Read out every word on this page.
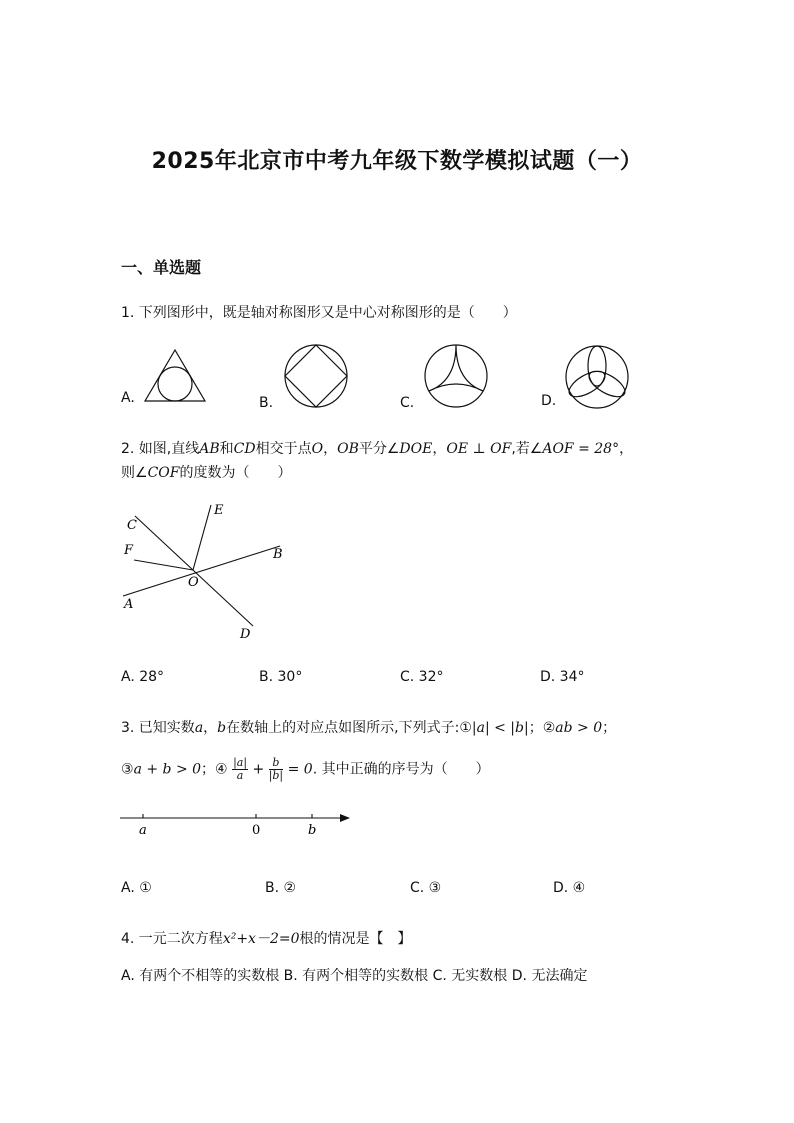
2025年北京市中考九年级下数学模拟试题（一）
一、单选题
1. 下列图形中，既是轴对称图形又是中心对称图形的是（　　）
A.	B.	C.	D.
2. 如图,直线AB和CD相交于点O，OB平分∠DOE，OE ⊥ OF,若∠AOF = 28°，
则∠COF的度数为（　　）
C
E
F	B
O
A
D
A. 28°	B. 30°	C. 32°	D. 34°
3. 已知实数a，b在数轴上的对应点如图所示,下列式子:①|a| < |b|；②ab > 0；
③a + b > 0；④ $\frac{|a|}{a} + \frac{b}{|b|} = 0$. 其中正确的序号为（　　）
a	0	b
A. ①	B. ②	C. ③	D. ④
4. 一元二次方程x²+x－2=0根的情况是【　】
A. 有两个不相等的实数根 B. 有两个相等的实数根 C. 无实数根 D. 无法确定
